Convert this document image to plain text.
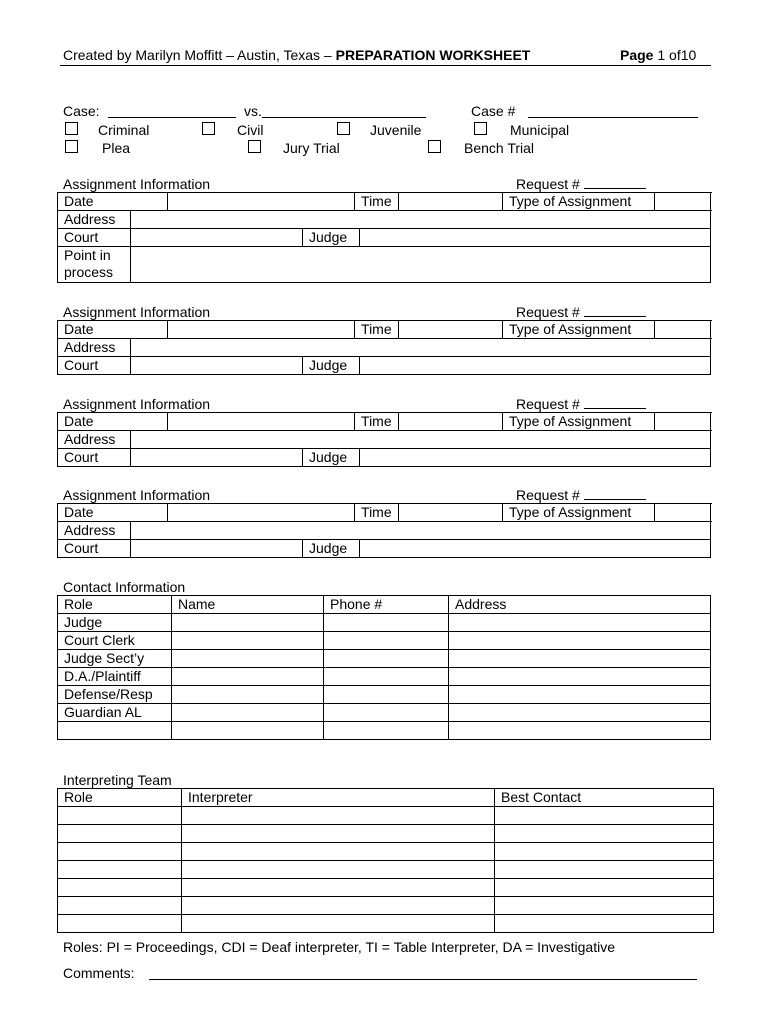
Created by Marilyn Moffitt – Austin, Texas – PREPARATION WORKSHEET	Page 1 of10
Case:	vs.	Case #
Criminal	Civil	Juvenile	Municipal
Plea	Jury Trial	Bench Trial
Assignment Information	Request #
Date		Time			Type of Assignment	
Address			
Court		Judge	
Point in
process			
Assignment Information	Request #
Date		Time			Type of Assignment	
Address			
Court		Judge	
Assignment Information	Request #
Date		Time			Type of Assignment	
Address			
Court		Judge	
Assignment Information	Request #
Date		Time			Type of Assignment	
Address			
Court		Judge	
Contact Information
Role	Name	Phone #	Address
Judge			
Court Clerk			
Judge Sect’y			
D.A./Plaintiff			
Defense/Resp			
Guardian AL			

Interpreting Team
Role	Interpreter	Best Contact

Roles: PI = Proceedings, CDI = Deaf interpreter, TI = Table Interpreter, DA = Investigative
Comments:
